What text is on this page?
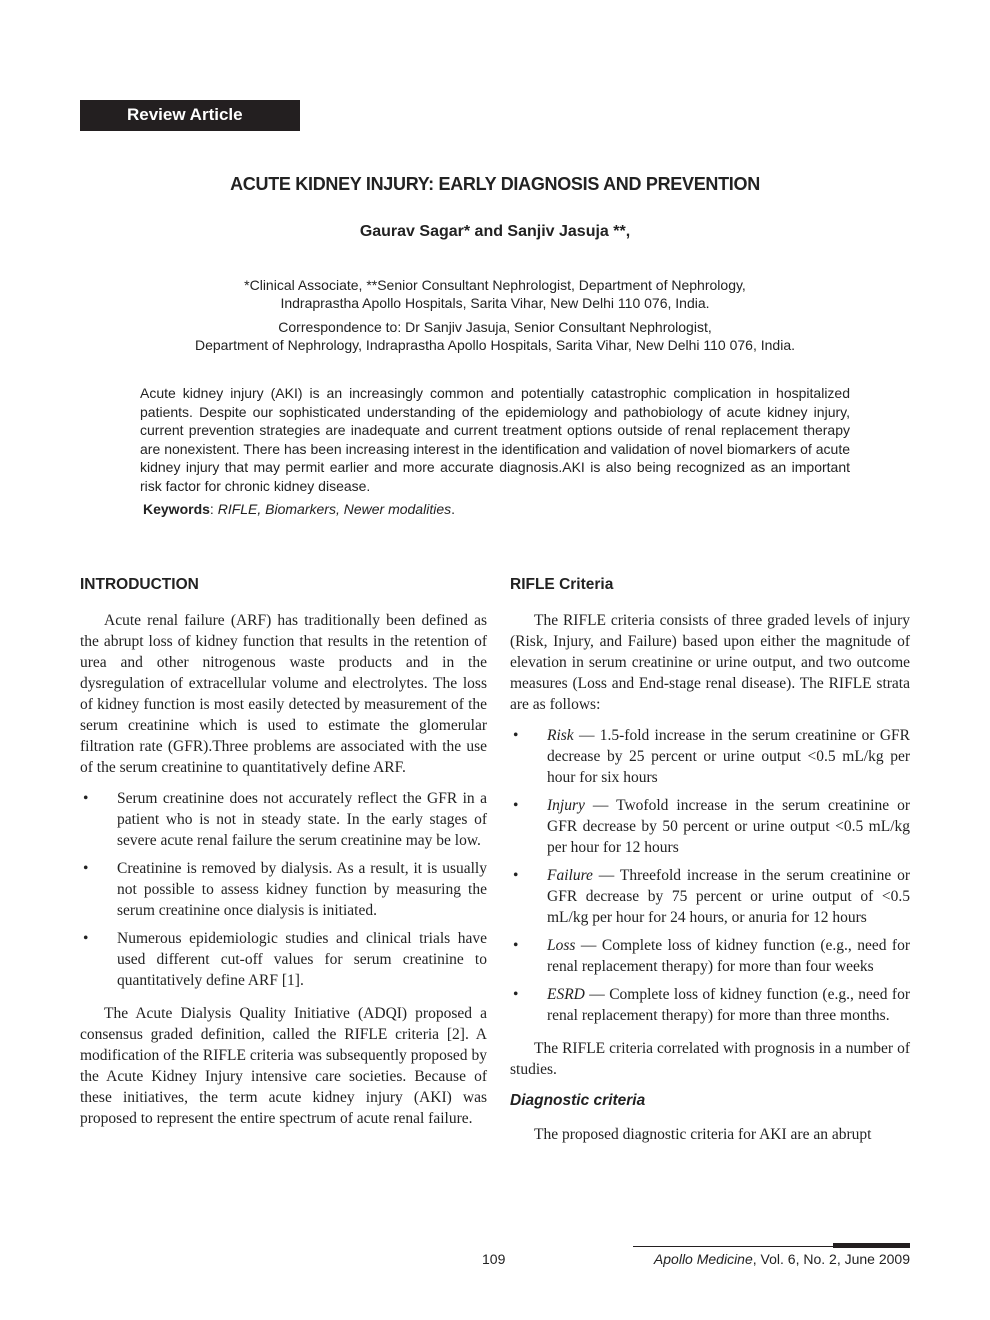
Review Article
ACUTE KIDNEY INJURY: EARLY DIAGNOSIS AND PREVENTION
Gaurav Sagar* and Sanjiv Jasuja **,
*Clinical Associate, **Senior Consultant Nephrologist, Department of Nephrology,
Indraprastha Apollo Hospitals, Sarita Vihar, New Delhi 110 076, India.
Correspondence to: Dr Sanjiv Jasuja, Senior Consultant Nephrologist,
Department of Nephrology, Indraprastha Apollo Hospitals, Sarita Vihar, New Delhi 110 076, India.
Acute kidney injury (AKI) is an increasingly common and potentially catastrophic complication in hospitalized patients. Despite our sophisticated understanding of the epidemiology and pathobiology of acute kidney injury, current prevention strategies are inadequate and current treatment options outside of renal replacement therapy are nonexistent. There has been increasing interest in the identification and validation of novel biomarkers of acute kidney injury that may permit earlier and more accurate diagnosis.AKI is also being recognized as an important risk factor for chronic kidney disease.
Keywords: RIFLE, Biomarkers, Newer modalities.
INTRODUCTION

Acute renal failure (ARF) has traditionally been defined as the abrupt loss of kidney function that results in the retention of urea and other nitrogenous waste products and in the dysregulation of extracellular volume and electrolytes. The loss of kidney function is most easily detected by measurement of the serum creatinine which is used to estimate the glomerular filtration rate (GFR).Three problems are associated with the use of the serum creatinine to quantitatively define ARF.

• Serum creatinine does not accurately reflect the GFR in a patient who is not in steady state. In the early stages of severe acute renal failure the serum creatinine may be low.
• Creatinine is removed by dialysis. As a result, it is usually not possible to assess kidney function by measuring the serum creatinine once dialysis is initiated.
• Numerous epidemiologic studies and clinical trials have used different cut-off values for serum creatinine to quantitatively define ARF [1].

The Acute Dialysis Quality Initiative (ADQI) proposed a consensus graded definition, called the RIFLE criteria [2]. A modification of the RIFLE criteria was subsequently proposed by the Acute Kidney Injury intensive care societies. Because of these initiatives, the term acute kidney injury (AKI) was proposed to represent the entire spectrum of acute renal failure.

RIFLE Criteria

The RIFLE criteria consists of three graded levels of injury (Risk, Injury, and Failure) based upon either the magnitude of elevation in serum creatinine or urine output, and two outcome measures (Loss and End-stage renal disease). The RIFLE strata are as follows:

• Risk — 1.5-fold increase in the serum creatinine or GFR decrease by 25 percent or urine output <0.5 mL/kg per hour for six hours
• Injury — Twofold increase in the serum creatinine or GFR decrease by 50 percent or urine output <0.5 mL/kg per hour for 12 hours
• Failure — Threefold increase in the serum creatinine or GFR decrease by 75 percent or urine output of <0.5 mL/kg per hour for 24 hours, or anuria for 12 hours
• Loss — Complete loss of kidney function (e.g., need for renal replacement therapy) for more than four weeks
• ESRD — Complete loss of kidney function (e.g., need for renal replacement therapy) for more than three months.

The RIFLE criteria correlated with prognosis in a number of studies.

Diagnostic criteria

The proposed diagnostic criteria for AKI are an abrupt

109	Apollo Medicine, Vol. 6, No. 2, June 2009
